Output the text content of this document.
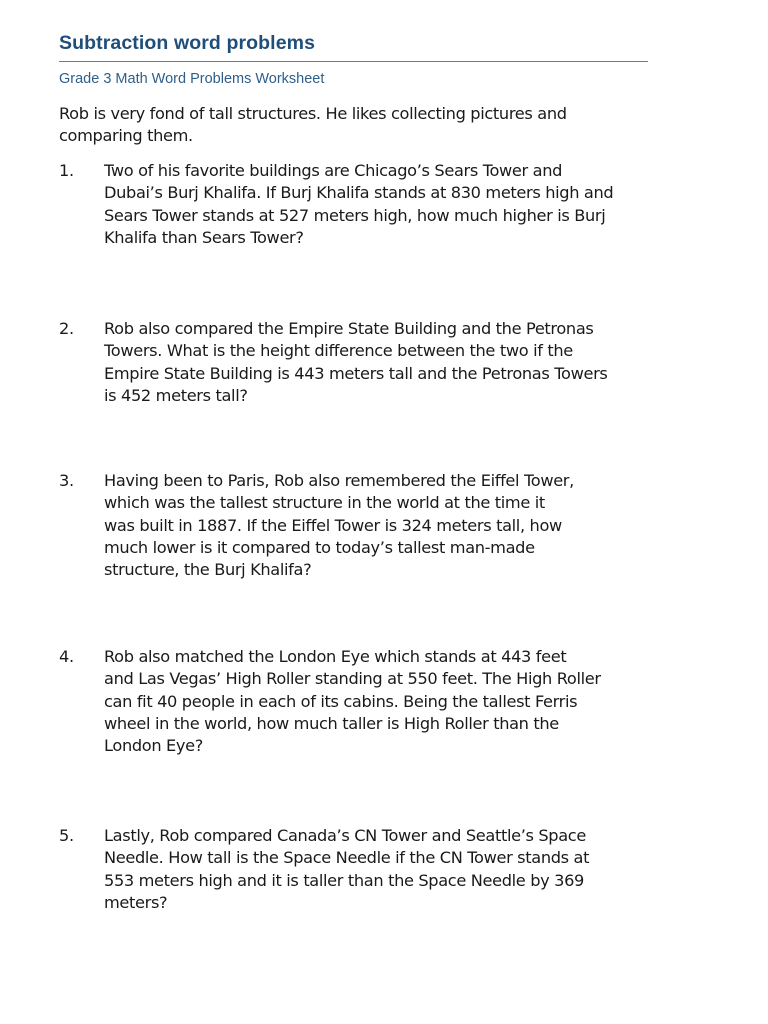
Subtraction word problems
Grade 3 Math Word Problems Worksheet
Rob is very fond of tall structures. He likes collecting pictures and
comparing them.
1. Two of his favorite buildings are Chicago’s Sears Tower and
Dubai’s Burj Khalifa. If Burj Khalifa stands at 830 meters high and
Sears Tower stands at 527 meters high, how much higher is Burj
Khalifa than Sears Tower?
2. Rob also compared the Empire State Building and the Petronas
Towers. What is the height difference between the two if the
Empire State Building is 443 meters tall and the Petronas Towers
is 452 meters tall?
3. Having been to Paris, Rob also remembered the Eiffel Tower,
which was the tallest structure in the world at the time it
was built in 1887. If the Eiffel Tower is 324 meters tall, how
much lower is it compared to today’s tallest man-made
structure, the Burj Khalifa?
4. Rob also matched the London Eye which stands at 443 feet
and Las Vegas’ High Roller standing at 550 feet. The High Roller
can fit 40 people in each of its cabins. Being the tallest Ferris
wheel in the world, how much taller is High Roller than the
London Eye?
5. Lastly, Rob compared Canada’s CN Tower and Seattle’s Space
Needle. How tall is the Space Needle if the CN Tower stands at
553 meters high and it is taller than the Space Needle by 369
meters?
